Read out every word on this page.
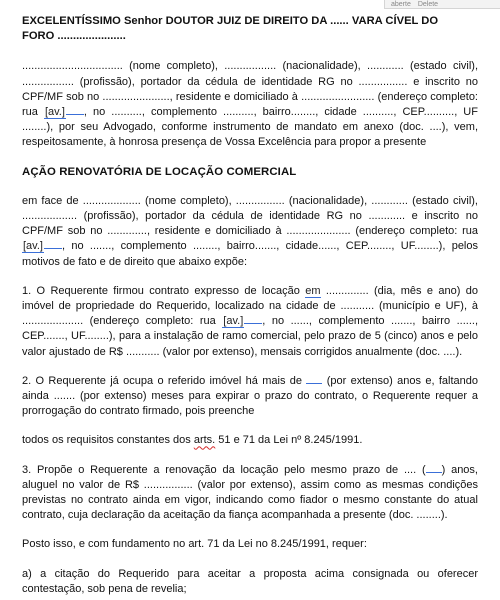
aberte Delete
EXCELENTÍSSIMO Senhor DOUTOR JUIZ DE DIREITO DA ...... VARA CÍVEL DO
FORO ......................

................................. (nome completo), ................. (nacionalidade), ............ (estado civil), ................. (profissão), portador da cédula de identidade RG no ................ e inscrito no CPF/MF sob no ......................, residente e domiciliado à ........................ (endereço completo: rua [av.] , no .........., complemento .........., bairro........, cidade .........., CEP.........., UF ........), por seu Advogado, conforme instrumento de mandato em anexo (doc. ....), vem, respeitosamente, à honrosa presença de Vossa Excelência para propor a presente

AÇÃO RENOVATÓRIA DE LOCAÇÃO COMERCIAL

em face de ................... (nome completo), ................ (nacionalidade), ............ (estado civil), .................. (profissão), portador da cédula de identidade RG no ............ e inscrito no CPF/MF sob no ............., residente e domiciliado à ..................... (endereço completo: rua [av.] , no ......., complemento ........, bairro......., cidade......, CEP........, UF........), pelos motivos de fato e de direito que abaixo expõe:

1. O Requerente firmou contrato expresso de locação em .............. (dia, mês e ano) do imóvel de propriedade do Requerido, localizado na cidade de ........... (município e UF), à .................... (endereço completo: rua [av.] , no ......, complemento ......., bairro ......, CEP......., UF........), para a instalação de ramo comercial, pelo prazo de 5 (cinco) anos e pelo valor ajustado de R$ ........... (valor por extenso), mensais corrigidos anualmente (doc. ....).

2. O Requerente já ocupa o referido imóvel há mais de  (por extenso) anos e, faltando ainda ....... (por extenso) meses para expirar o prazo do contrato, o Requerente requer a prorrogação do contrato firmado, pois preenche

todos os requisitos constantes dos arts. 51 e 71 da Lei nº 8.245/1991.

3. Propõe o Requerente a renovação da locação pelo mesmo prazo de .... ( ) anos, aluguel no valor de R$ ................ (valor por extenso), assim como as mesmas condições previstas no contrato ainda em vigor, indicando como fiador o mesmo constante do atual contrato, cuja declaração da aceitação da fiança acompanhada a presente (doc. ........).

Posto isso, e com fundamento no art. 71 da Lei no 8.245/1991, requer:

a) a citação do Requerido para aceitar a proposta acima consignada ou oferecer contestação, sob pena de revelia;
